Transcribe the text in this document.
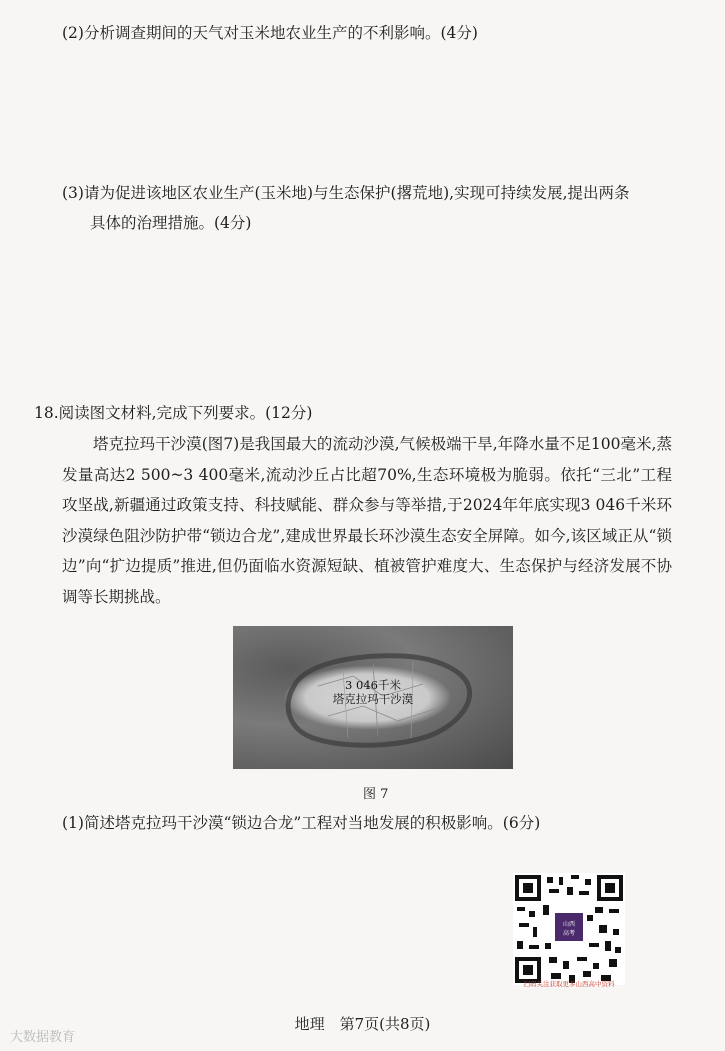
(2)分析调查期间的天气对玉米地农业生产的不利影响。(4分)
(3)请为促进该地区农业生产(玉米地)与生态保护(撂荒地),实现可持续发展,提出两条
具体的治理措施。(4分)
18.阅读图文材料,完成下列要求。(12分)
塔克拉玛干沙漠(图7)是我国最大的流动沙漠,气候极端干旱,年降水量不足100毫米,蒸发量高达2 500~3 400毫米,流动沙丘占比超70%,生态环境极为脆弱。依托“三北”工程攻坚战,新疆通过政策支持、科技赋能、群众参与等举措,于2024年年底实现3 046千米环沙漠绿色阻沙防护带“锁边合龙”,建成世界最长环沙漠生态安全屏障。如今,该区域正从“锁边”向“扩边提质”推进,但仍面临水资源短缺、植被管护难度大、生态保护与经济发展不协调等长期挑战。
3 046千米
塔克拉玛干沙漠
图 7
(1)简述塔克拉玛干沙漠“锁边合龙”工程对当地发展的积极影响。(6分)
山西
高考
扫码关注获取更多山西高中资料
地理　第7页(共8页)
大数据教育
